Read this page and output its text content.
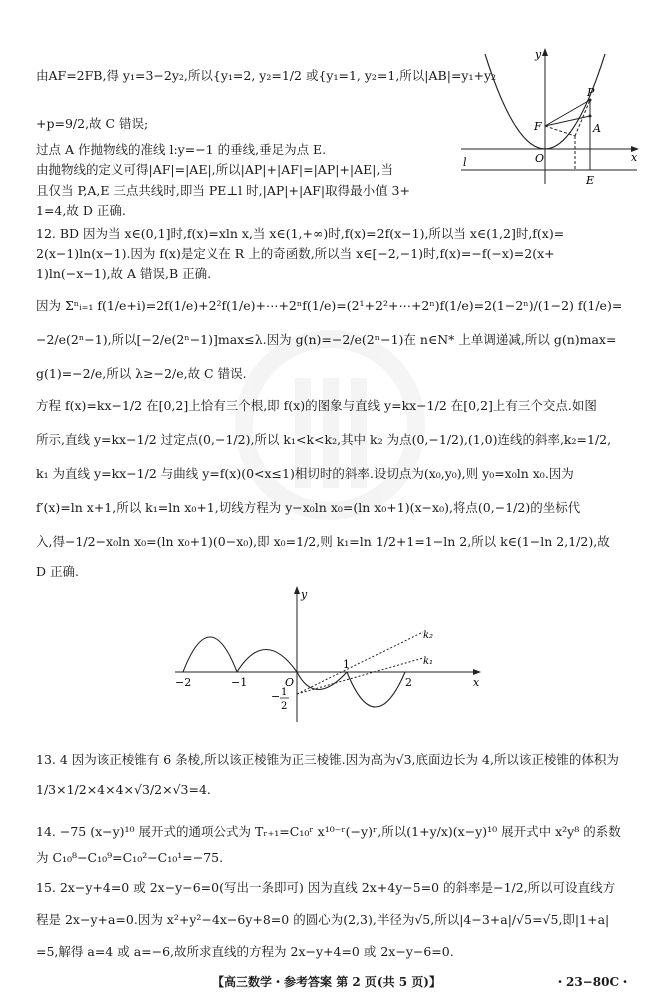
由AF=2FB,得 y₁=3−2y₂,所以{y₁=2, y₂=1/2 或{y₁=1, y₂=1,所以|AB|=y₁+y₂
+p=9/2,故 C 错误;
过点 A 作抛物线的准线 l:y=−1 的垂线,垂足为点 E.
由抛物线的定义可得|AF|=|AE|,所以|AP|+|AF|=|AP|+|AE|,当
且仅当 P,A,E 三点共线时,即当 PE⊥l 时,|AP|+|AF|取得最小值 3+
1=4,故 D 正确.
y
x
O
P
F	A
E
l
12. BD 因为当 x∈(0,1]时,f(x)=xln x,当 x∈(1,+∞)时,f(x)=2f(x−1),所以当 x∈(1,2]时,f(x)=
2(x−1)ln(x−1).因为 f(x)是定义在 R 上的奇函数,所以当 x∈[−2,−1)时,f(x)=−f(−x)=2(x+
1)ln(−x−1),故 A 错误,B 正确.
因为 Σⁿᵢ₌₁ f(1/e+i)=2f(1/e)+2²f(1/e)+⋯+2ⁿf(1/e)=(2¹+2²+⋯+2ⁿ)f(1/e)=2(1−2ⁿ)/(1−2) f(1/e)=
−2/e(2ⁿ−1),所以[−2/e(2ⁿ−1)]max≤λ.因为 g(n)=−2/e(2ⁿ−1)在 n∈N* 上单调递减,所以 g(n)max=
g(1)=−2/e,所以 λ≥−2/e,故 C 错误.
方程 f(x)=kx−1/2 在[0,2]上恰有三个根,即 f(x)的图象与直线 y=kx−1/2 在[0,2]上有三个交点.如图
所示,直线 y=kx−1/2 过定点(0,−1/2),所以 k₁<k<k₂,其中 k₂ 为点(0,−1/2),(1,0)连线的斜率,k₂=1/2,
k₁ 为直线 y=kx−1/2 与曲线 y=f(x)(0<x≤1)相切时的斜率.设切点为(x₀,y₀),则 y₀=x₀ln x₀.因为
f′(x)=ln x+1,所以 k₁=ln x₀+1,切线方程为 y−x₀ln x₀=(ln x₀+1)(x−x₀),将点(0,−1/2)的坐标代
入,得−1/2−x₀ln x₀=(ln x₀+1)(0−x₀),即 x₀=1/2,则 k₁=ln 1/2+1=1−ln 2,所以 k∈(1−ln 2,1/2),故
D 正确.
y
x
O
k₂
k₁
−2	−1
1
2
− 1
2
13. 4 因为该正棱锥有 6 条棱,所以该正棱锥为正三棱锥.因为高为√3,底面边长为 4,所以该正棱锥的体积为
1/3×1/2×4×4×√3/2×√3=4.
14. −75 (x−y)¹⁰ 展开式的通项公式为 Tᵣ₊₁=C₁₀ʳ x¹⁰⁻ʳ(−y)ʳ,所以(1+y/x)(x−y)¹⁰ 展开式中 x²y⁸ 的系数
为 C₁₀⁸−C₁₀⁹=C₁₀²−C₁₀¹=−75.
15. 2x−y+4=0 或 2x−y−6=0(写出一条即可) 因为直线 2x+4y−5=0 的斜率是−1/2,所以可设直线方
程是 2x−y+a=0.因为 x²+y²−4x−6y+8=0 的圆心为(2,3),半径为√5,所以|4−3+a|/√5=√5,即|1+a|
=5,解得 a=4 或 a=−6,故所求直线的方程为 2x−y+4=0 或 2x−y−6=0.
【高三数学・参考答案 第 2 页(共 5 页)】	・23−80C・
